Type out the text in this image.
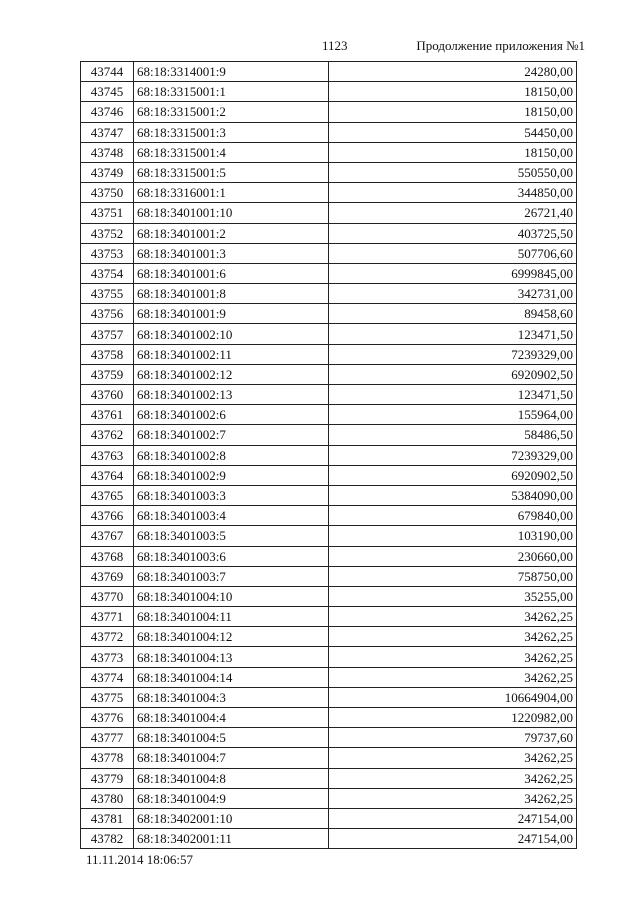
1123	Продолжение приложения №1
43744	68:18:3314001:9	24280,00
43745	68:18:3315001:1	18150,00
43746	68:18:3315001:2	18150,00
43747	68:18:3315001:3	54450,00
43748	68:18:3315001:4	18150,00
43749	68:18:3315001:5	550550,00
43750	68:18:3316001:1	344850,00
43751	68:18:3401001:10	26721,40
43752	68:18:3401001:2	403725,50
43753	68:18:3401001:3	507706,60
43754	68:18:3401001:6	6999845,00
43755	68:18:3401001:8	342731,00
43756	68:18:3401001:9	89458,60
43757	68:18:3401002:10	123471,50
43758	68:18:3401002:11	7239329,00
43759	68:18:3401002:12	6920902,50
43760	68:18:3401002:13	123471,50
43761	68:18:3401002:6	155964,00
43762	68:18:3401002:7	58486,50
43763	68:18:3401002:8	7239329,00
43764	68:18:3401002:9	6920902,50
43765	68:18:3401003:3	5384090,00
43766	68:18:3401003:4	679840,00
43767	68:18:3401003:5	103190,00
43768	68:18:3401003:6	230660,00
43769	68:18:3401003:7	758750,00
43770	68:18:3401004:10	35255,00
43771	68:18:3401004:11	34262,25
43772	68:18:3401004:12	34262,25
43773	68:18:3401004:13	34262,25
43774	68:18:3401004:14	34262,25
43775	68:18:3401004:3	10664904,00
43776	68:18:3401004:4	1220982,00
43777	68:18:3401004:5	79737,60
43778	68:18:3401004:7	34262,25
43779	68:18:3401004:8	34262,25
43780	68:18:3401004:9	34262,25
43781	68:18:3402001:10	247154,00
43782	68:18:3402001:11	247154,00
11.11.2014 18:06:57
